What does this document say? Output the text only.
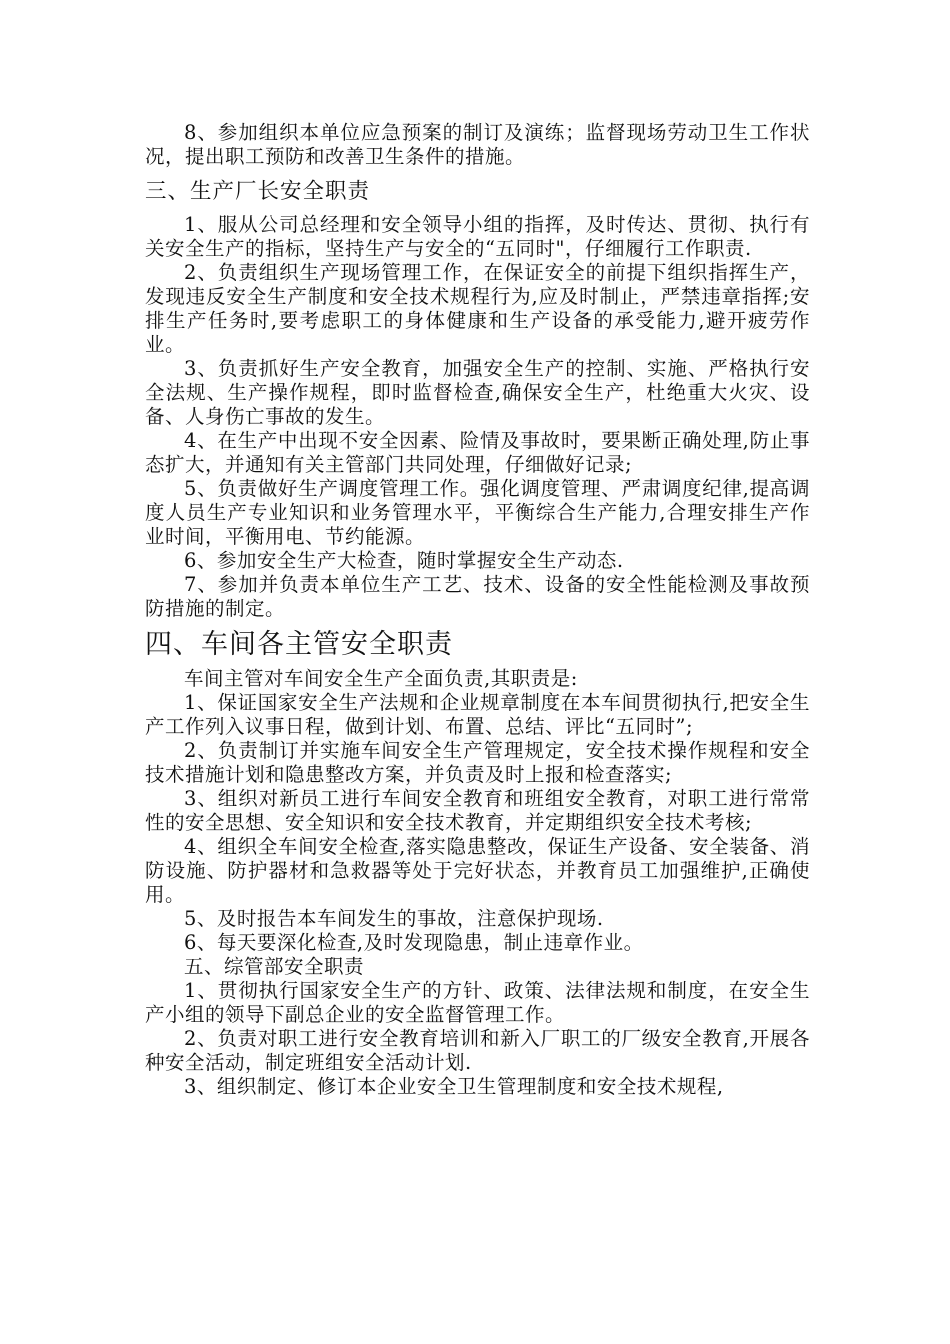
8、参加组织本单位应急预案的制订及演练；监督现场劳动卫生工作状况，提出职工预防和改善卫生条件的措施。

三、生产厂长安全职责

1、服从公司总经理和安全领导小组的指挥，及时传达、贯彻、执行有关安全生产的指标，坚持生产与安全的“五同时"，仔细履行工作职责.

2、负责组织生产现场管理工作，在保证安全的前提下组织指挥生产，发现违反安全生产制度和安全技术规程行为,应及时制止，严禁违章指挥;安排生产任务时,要考虑职工的身体健康和生产设备的承受能力,避开疲劳作业。

3、负责抓好生产安全教育，加强安全生产的控制、实施、严格执行安全法规、生产操作规程，即时监督检查,确保安全生产，杜绝重大火灾、设备、人身伤亡事故的发生。

4、在生产中出现不安全因素、险情及事故时，要果断正确处理,防止事态扩大，并通知有关主管部门共同处理，仔细做好记录;

5、负责做好生产调度管理工作。强化调度管理、严肃调度纪律,提高调度人员生产专业知识和业务管理水平，平衡综合生产能力,合理安排生产作业时间，平衡用电、节约能源。

6、参加安全生产大检查，随时掌握安全生产动态.

7、参加并负责本单位生产工艺、技术、设备的安全性能检测及事故预防措施的制定。

四、车间各主管安全职责

车间主管对车间安全生产全面负责,其职责是:

1、保证国家安全生产法规和企业规章制度在本车间贯彻执行,把安全生产工作列入议事日程，做到计划、布置、总结、评比“五同时”;

2、负责制订并实施车间安全生产管理规定，安全技术操作规程和安全技术措施计划和隐患整改方案，并负责及时上报和检查落实;

3、组织对新员工进行车间安全教育和班组安全教育，对职工进行常常性的安全思想、安全知识和安全技术教育，并定期组织安全技术考核;

4、组织全车间安全检查,落实隐患整改，保证生产设备、安全装备、消防设施、防护器材和急救器等处于完好状态，并教育员工加强维护,正确使用。

5、及时报告本车间发生的事故，注意保护现场.

6、每天要深化检查,及时发现隐患，制止违章作业。

五、综管部安全职责

1、贯彻执行国家安全生产的方针、政策、法律法规和制度，在安全生产小组的领导下副总企业的安全监督管理工作。

2、负责对职工进行安全教育培训和新入厂职工的厂级安全教育,开展各种安全活动，制定班组安全活动计划.

3、组织制定、修订本企业安全卫生管理制度和安全技术规程,
